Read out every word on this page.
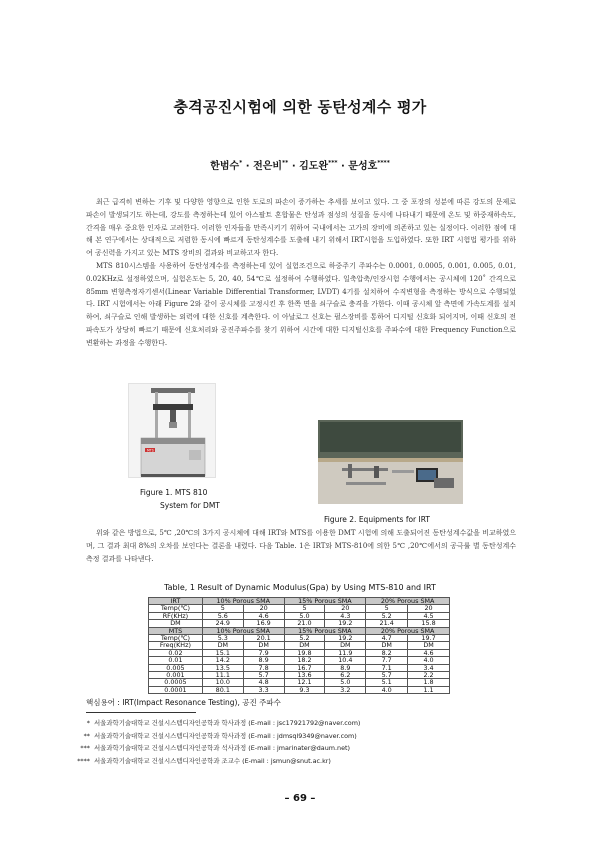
충격공진시험에 의한 동탄성계수 평가
한범수* · 전은비** · 김도완*** · 문성호****

최근 급격히 변하는 기후 및 다양한 영향으로 인한 도로의 파손이 증가하는 추세를 보이고 있다. 그 중 포장의 성분에 따른 강도의 문제로 파손이 발생되기도 하는데, 강도를 측정하는데 있어 아스팔트 혼합물은 탄성과 점성의 성질을 동시에 나타내기 때문에 온도 및 하중재하속도, 간격을 매우 중요한 인자로 고려한다. 이러한 인자들을 만족시키기 위하여 국내에서는 고가의 장비에 의존하고 있는 실정이다. 이러한 점에 대해 본 연구에서는 상대적으로 저렴한 동시에 빠르게 동탄성계수를 도출해 내기 위해서 IRT시험을 도입하였다. 또한 IRT 시험법 평가를 위하여 공신력을 가지고 있는 MTS 장비의 결과와 비교하고자 한다.

MTS 810시스템을 사용하여 동탄성계수를 측정하는데 있어 실험조건으로 하중주기 주파수는 0.0001, 0.0005, 0.001, 0.005, 0.01, 0.02KHz로 설정하였으며, 실험온도는 5, 20, 40, 54℃로 설정하여 수행하였다. 일축압축/인장시험 수행에서는 공시체에 120˚ 간격으로 85mm 변형측정자기센서(Linear Variable Differential Transformer, LVDT) 4기를 설치하여 수직변형을 측정하는 방식으로 수행되었다. IRT 시험에서는 아래 Figure 2와 같이 공시체를 고정시킨 후 한쪽 면을 쇠구슬로 충격을 가한다. 이때 공시체 앞 측면에 가속도계를 설치하여, 쇠구슬로 인해 발생하는 외력에 대한 신호를 계측한다. 이 아날로그 신호는 펄스장비를 통하여 디지털 신호화 되어지며, 이때 신호의 전파속도가 상당히 빠르기 때문에 신호처리와 공진주파수를 찾기 위하여 시간에 대한 디지털신호를 주파수에 대한 Frequency Function으로 변환하는 과정을 수행한다.

MTS
Figure 1. MTS 810
System for DMT
Figure 2. Equipments for IRT

위와 같은 방법으로, 5℃ ,20℃의 3가지 공시체에 대해 IRT와 MTS를 이용한 DMT 시험에 의해 도출되어진 동탄성계수값을 비교하였으며, 그 결과 최대 8%의 오차를 보인다는 결론을 내렸다. 다음 Table. 1은 IRT와 MTS-810에 의한 5℃ ,20℃에서의 공극률 별 동탄성계수 측정 결과를 나타낸다.

Table, 1 Result of Dynamic Modulus(Gpa) by Using MTS-810 and IRT
IRT	10% Porous SMA		15% Porous SMA		20% Porous SMA	
Temp(℃)	5	20	5	20	5	20
RF(KHz)	5.6	4.6	5.0	4.3	5.2	4.5
DM	24.9	16.9	21.0	19.2	21.4	15.8
MTS	10% Porous SMA		15% Porous SMA		20% Porous SMA	
Temp(℃)	5.3	20.1	5.2	19.2	4.7	19.7
Freq(KHz)	DM	DM	DM	DM	DM	DM
0.02	15.1	7.9	19.8	11.9	8.2	4.6
0.01	14.2	8.9	18.2	10.4	7.7	4.0
0.005	13.5	7.8	16.7	8.9	7.1	3.4
0.001	11.1	5.7	13.6	6.2	5.7	2.2
0.0005	10.0	4.8	12.1	5.0	5.1	1.8
0.0001	80.1	3.3	9.3	3.2	4.0	1.1
핵심용어 : IRT(Impact Resonance Testing), 공진 주파수
* 서울과학기술대학교 건설시스템디자인공학과 학사과정 (E-mail : jsc17921792@naver.com)
** 서울과학기술대학교 건설시스템디자인공학과 학사과정 (E-mail : jdmsql9349@naver.com)
*** 서울과학기술대학교 건설시스템디자인공학과 석사과정 (E-mail : jmarinater@daum.net)
**** 서울과학기술대학교 건설시스템디자인공학과 조교수 (E-mail : jsmun@snut.ac.kr)
– 69 –
